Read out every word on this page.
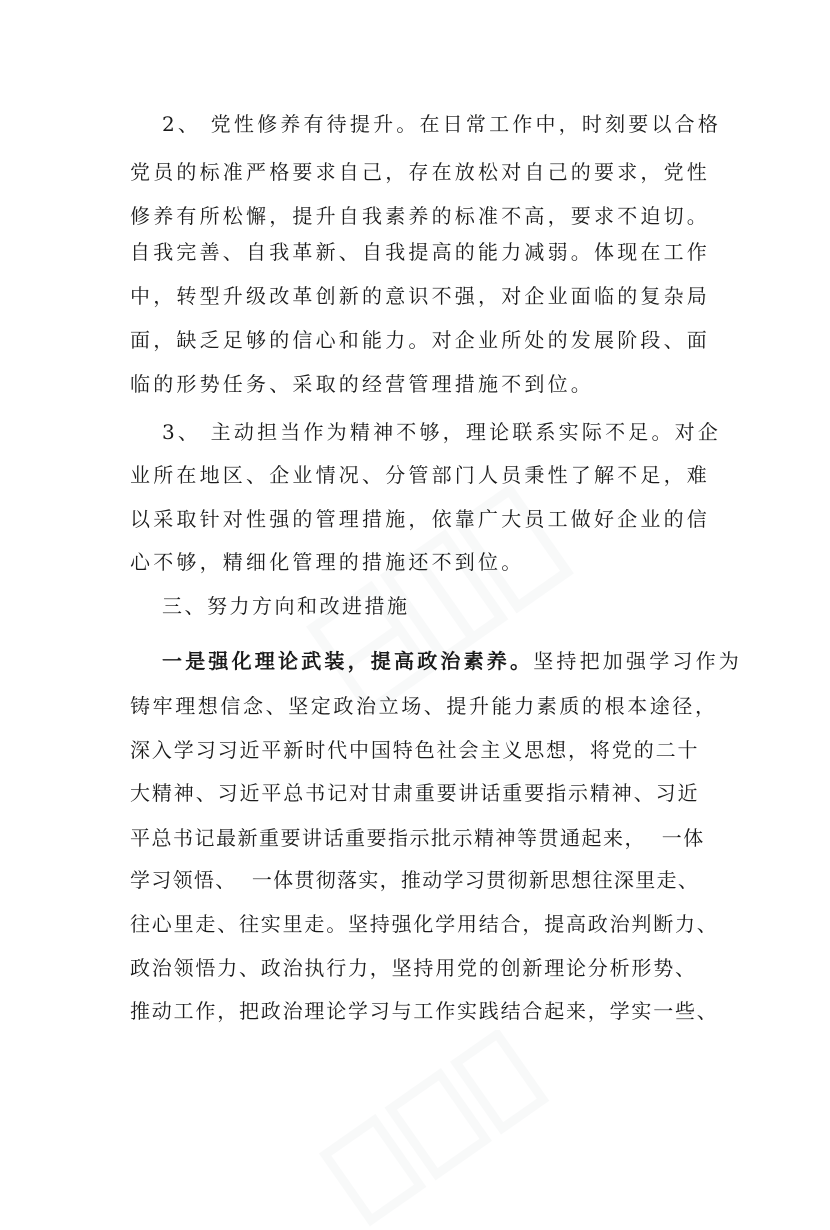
2、 党性修养有待提升。在日常工作中，时刻要以合格

党员的标准严格要求自己，存在放松对自己的要求，党性

修养有所松懈，提升自我素养的标准不高，要求不迫切。

自我完善、自我革新、自我提高的能力减弱。体现在工作

中，转型升级改革创新的意识不强，对企业面临的复杂局

面，缺乏足够的信心和能力。对企业所处的发展阶段、面

临的形势任务、采取的经营管理措施不到位。

3、 主动担当作为精神不够，理论联系实际不足。对企

业所在地区、企业情况、分管部门人员秉性了解不足，难

以采取针对性强的管理措施，依靠广大员工做好企业的信

心不够，精细化管理的措施还不到位。

三、努力方向和改进措施

一是强化理论武装，提高政治素养。坚持把加强学习作为

铸牢理想信念、坚定政治立场、提升能力素质的根本途径，

深入学习习近平新时代中国特色社会主义思想，将党的二十

大精神、习近平总书记对甘肃重要讲话重要指示精神、习近

平总书记最新重要讲话重要指示批示精神等贯通起来，  一体

学习领悟、  一体贯彻落实，推动学习贯彻新思想往深里走、

往心里走、往实里走。坚持强化学用结合，提高政治判断力、

政治领悟力、政治执行力，坚持用党的创新理论分析形势、

推动工作，把政治理论学习与工作实践结合起来，学实一些、
